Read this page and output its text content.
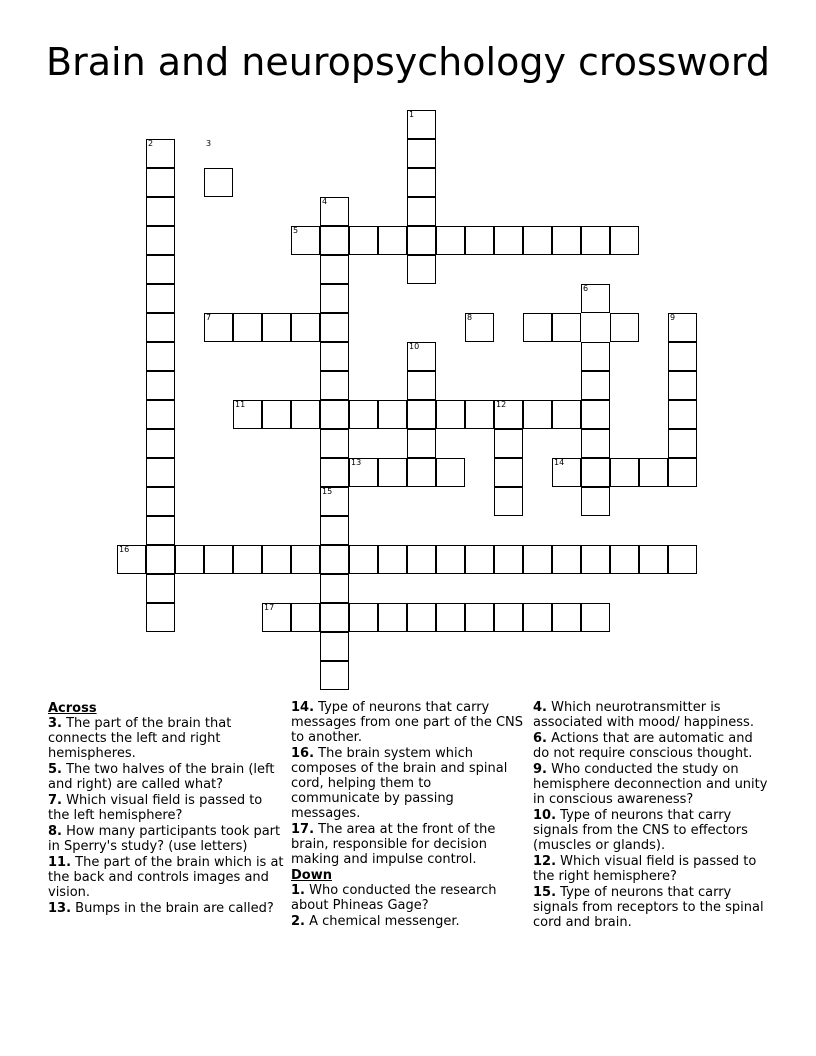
Brain and neuropsychology crossword
1
2	3
4
5
6
7	8	9
10
11	12
13	14
15
16
17
Across
3. The part of the brain that connects the left and right hemispheres.
5. The two halves of the brain (left and right) are called what?
7. Which visual field is passed to the left hemisphere?
8. How many participants took part in Sperry's study? (use letters)
11. The part of the brain which is at the back and controls images and vision.
13. Bumps in the brain are called?
14. Type of neurons that carry messages from one part of the CNS to another.
16. The brain system which composes of the brain and spinal cord, helping them to communicate by passing messages.
17. The area at the front of the brain, responsible for decision making and impulse control.
Down
1. Who conducted the research about Phineas Gage?
2. A chemical messenger.
4. Which neurotransmitter is associated with mood/ happiness.
6. Actions that are automatic and do not require conscious thought.
9. Who conducted the study on hemisphere deconnection and unity in conscious awareness?
10. Type of neurons that carry signals from the CNS to effectors (muscles or glands).
12. Which visual field is passed to the right hemisphere?
15. Type of neurons that carry signals from receptors to the spinal cord and brain.
